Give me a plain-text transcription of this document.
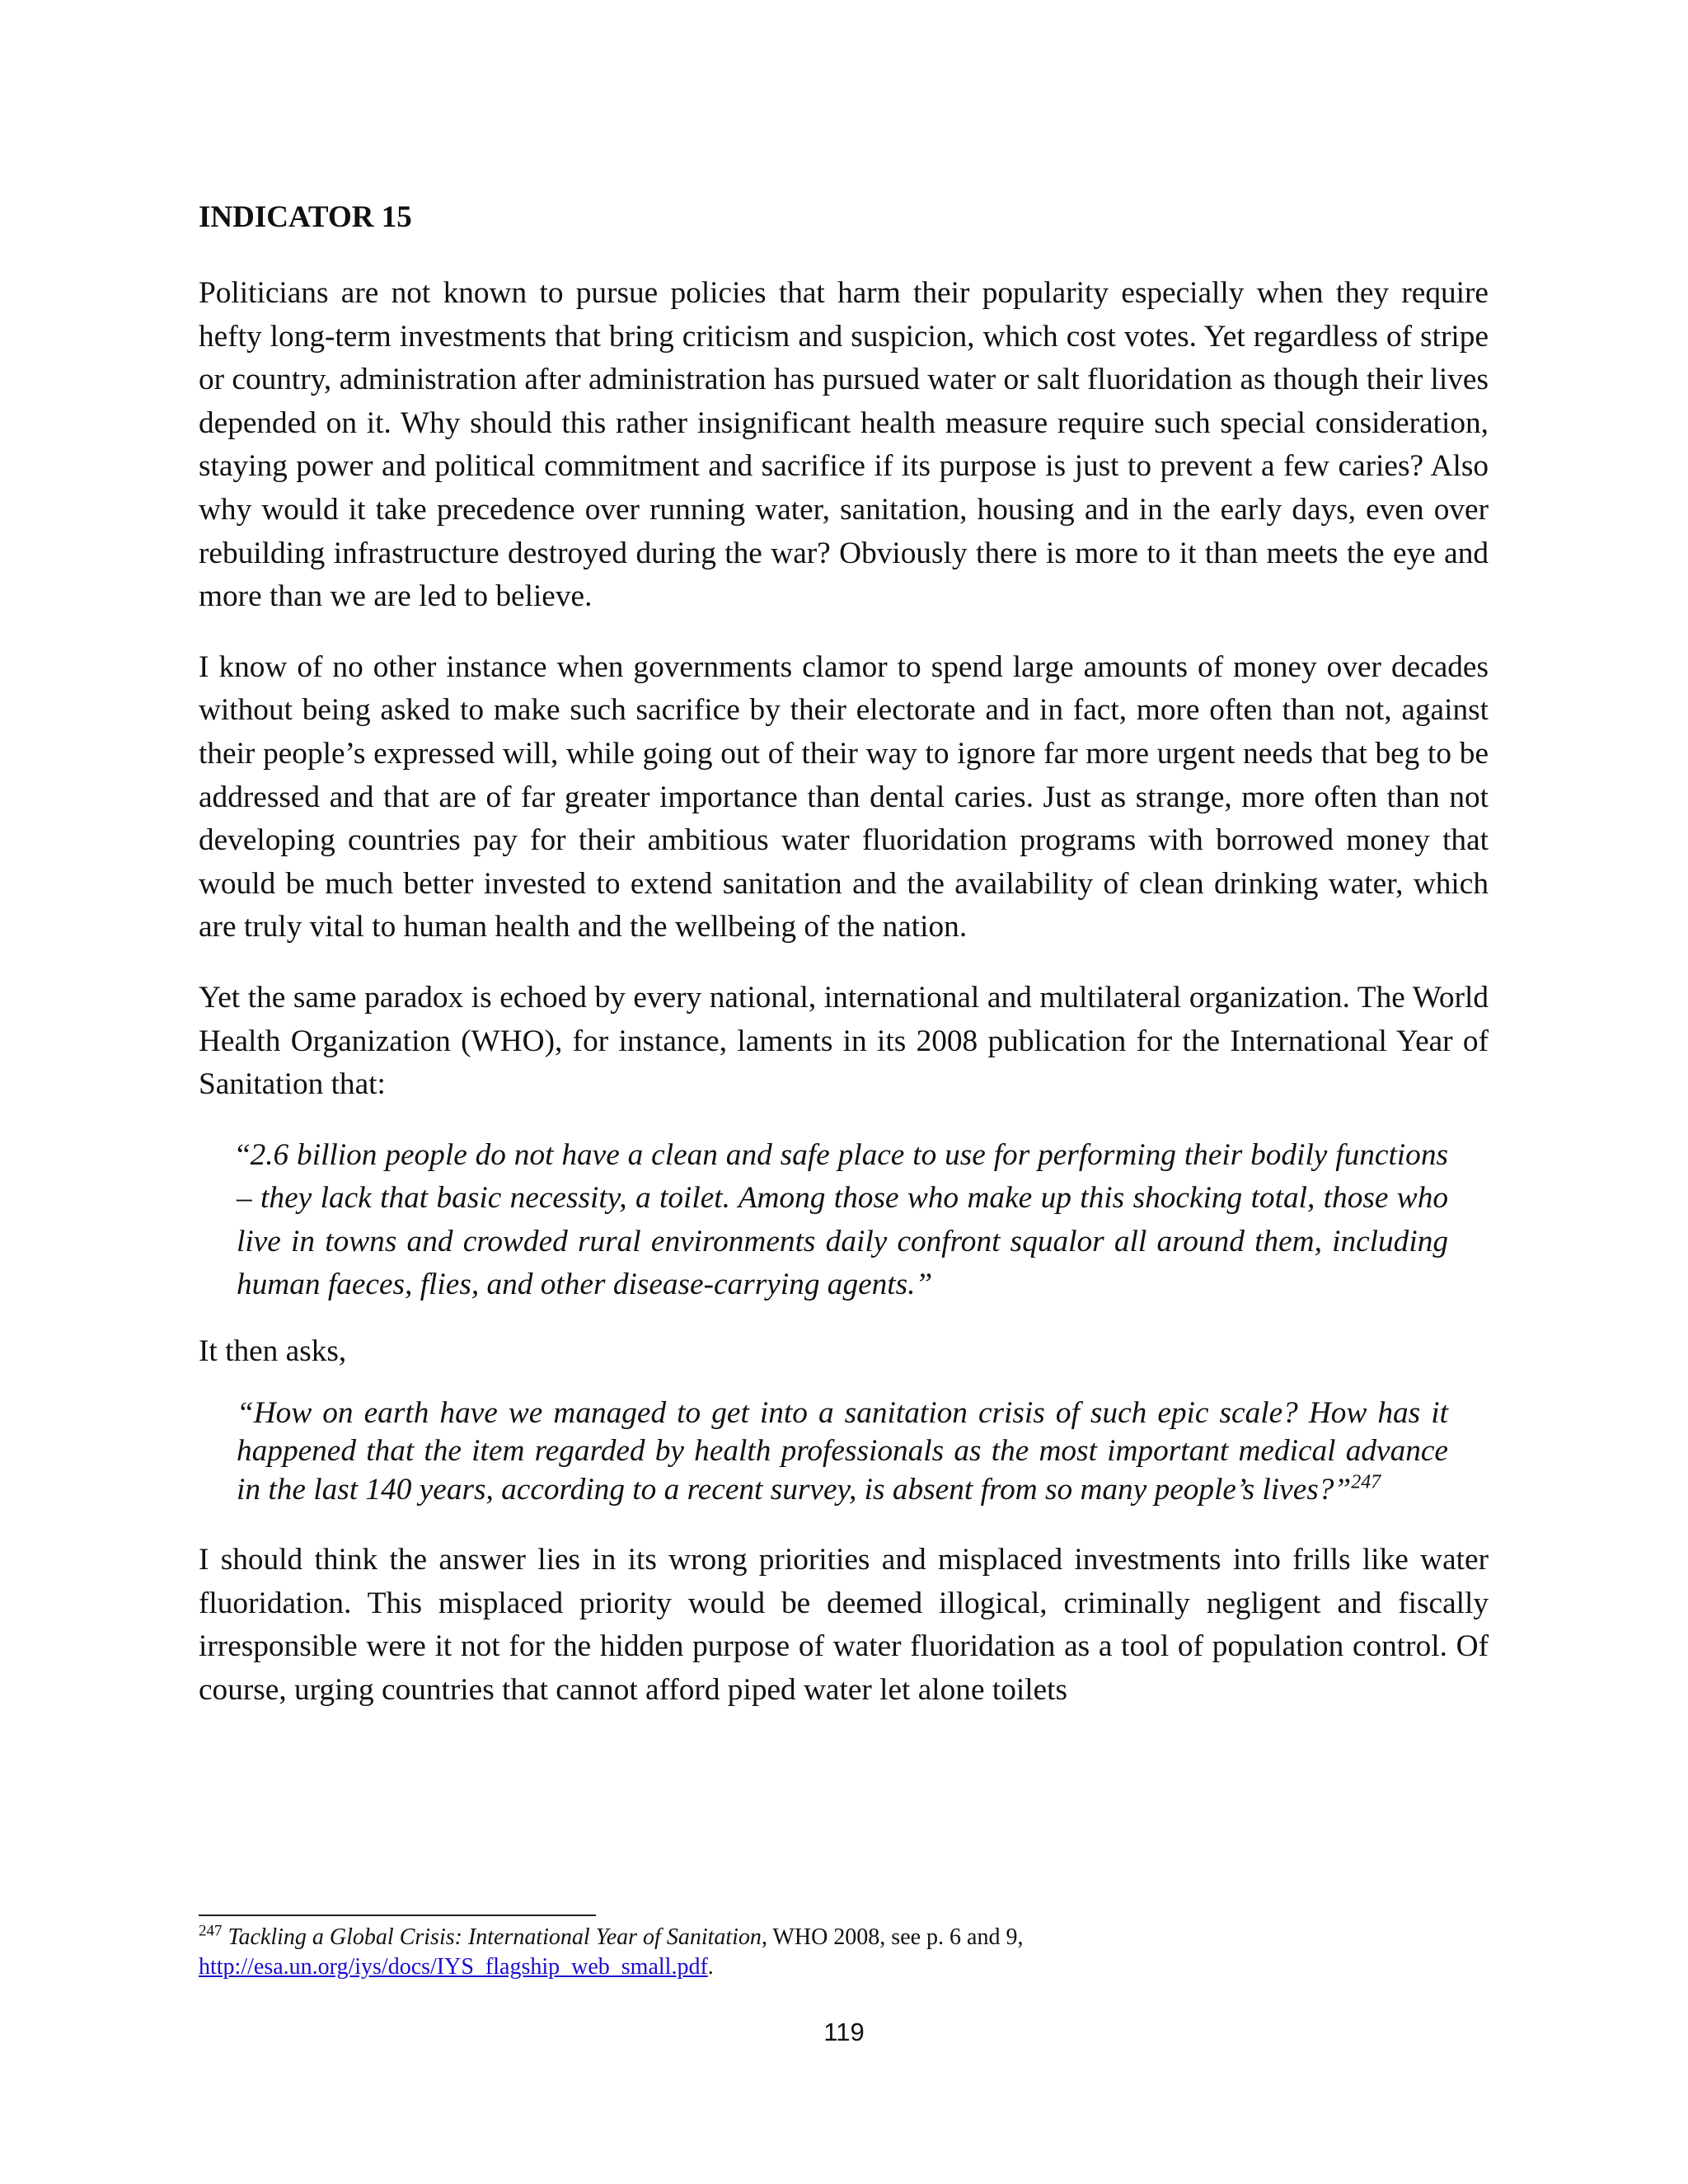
INDICATOR 15

Politicians are not known to pursue policies that harm their popularity especially when they require hefty long-term investments that bring criticism and suspicion, which cost votes. Yet regardless of stripe or country, administration after administration has pursued water or salt fluoridation as though their lives depended on it. Why should this rather insignificant health measure require such special consideration, staying power and political commitment and sacrifice if its purpose is just to prevent a few caries? Also why would it take precedence over running water, sanitation, housing and in the early days, even over rebuilding infrastructure destroyed during the war? Obviously there is more to it than meets the eye and more than we are led to believe.

I know of no other instance when governments clamor to spend large amounts of money over decades without being asked to make such sacrifice by their electorate and in fact, more often than not, against their people’s expressed will, while going out of their way to ignore far more urgent needs that beg to be addressed and that are of far greater importance than dental caries. Just as strange, more often than not developing countries pay for their ambitious water fluoridation programs with borrowed money that would be much better invested to extend sanitation and the availability of clean drinking water, which are truly vital to human health and the wellbeing of the nation.

Yet the same paradox is echoed by every national, international and multilateral organization. The World Health Organization (WHO), for instance, laments in its 2008 publication for the International Year of Sanitation that:

“2.6 billion people do not have a clean and safe place to use for performing their bodily functions – they lack that basic necessity, a toilet. Among those who make up this shocking total, those who live in towns and crowded rural environments daily confront squalor all around them, including human faeces, flies, and other disease-carrying agents.”

It then asks,

“How on earth have we managed to get into a sanitation crisis of such epic scale? How has it happened that the item regarded by health professionals as the most important medical advance in the last 140 years, according to a recent survey, is absent from so many people’s lives?”$^{247}$

I should think the answer lies in its wrong priorities and misplaced investments into frills like water fluoridation. This misplaced priority would be deemed illogical, criminally negligent and fiscally irresponsible were it not for the hidden purpose of water fluoridation as a tool of population control. Of course, urging countries that cannot afford piped water let alone toilets

$^{247}$ Tackling a Global Crisis: International Year of Sanitation, WHO 2008, see p. 6 and 9,
http://esa.un.org/iys/docs/IYS_flagship_web_small.pdf.
119
